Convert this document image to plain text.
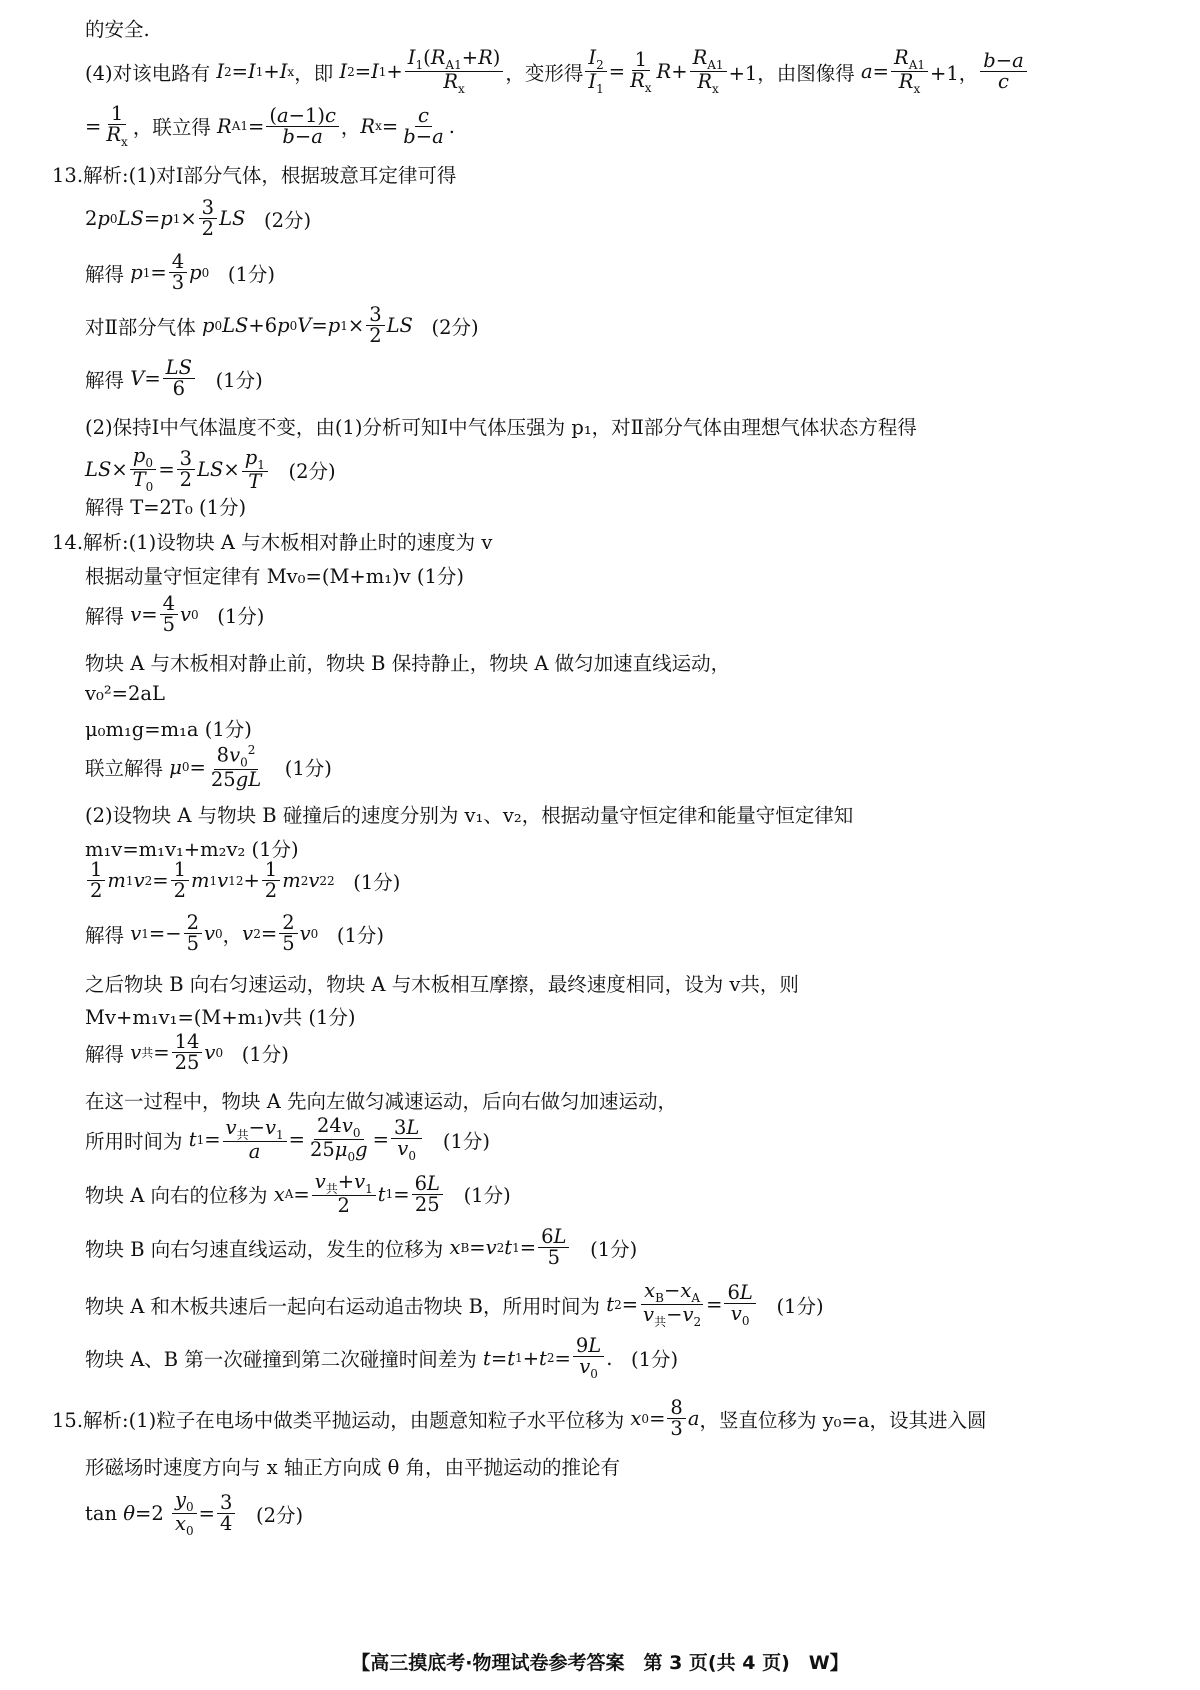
的安全.
(4)对该电路有
I 2 = I 1 + I x ，即 I 2 = I $1 + \frac{I_1(R_{A1}+R)}{R_x}$ ，变形得 $\frac{I_2}{I_1} = \frac{1}{R_x}$ $R + \frac{R_{A1}}{R_x} +1$，由图像得 $a = \frac{R_{A1}}{R_x} +1$， $\frac{b-a}{c}$
= $\frac{1}{R_x}$ ，联立得
R $A1 = \frac{(a-1)c}{b-a}$ ， R $x = \frac{c}{b-a}$ .
13.解析:(1)对Ⅰ部分气体，根据玻意耳定律可得
2 p 0 LS = p $1 \times \frac{3}{2}$ LS
(2分)
解得
p $1 = \frac{4}{3}$ p 0
(1分)
对Ⅱ部分气体
p 0 LS +6 p 0 V = p $1 \times \frac{3}{2}$ LS
(2分)
解得
$V = \frac{LS}{6}$
(1分)
(2)保持Ⅰ中气体温度不变，由(1)分析可知Ⅰ中气体压强为 p₁，对Ⅱ部分气体由理想气体状态方程得
LS × $\frac{p_0}{T_0} = \frac{3}{2}$ LS × $\frac{p_1}{T}$
(2分)
解得 T=2T₀ (1分)
14.解析:(1)设物块 A 与木板相对静止时的速度为 v
根据动量守恒定律有 Mv₀=(M+m₁)v (1分)
解得 $v = \frac{4}{5}$ v 0
(1分)
物块 A 与木板相对静止前，物块 B 保持静止，物块 A 做匀加速直线运动，
v₀²=2aL
μ₀m₁g=m₁a (1分)
联立解得
μ $0 = \frac{8v_0^2}{25gL}$
(1分)
(2)设物块 A 与物块 B 碰撞后的速度分别为 v₁、v₂，根据动量守恒定律和能量守恒定律知
m₁v=m₁v₁+m₂v₂ (1分)
$\frac{1}{2}$ m 1 v $2 = \frac{1}{2}$ m 1 v 1 $2 + \frac{1}{2}$ m 2 v 2 2
(1分)
解得 v $1 =- \frac{2}{5}$ v 0 ， v $2 = \frac{2}{5}$ v 0
(1分)
之后物块 B 向右匀速运动，物块 A 与木板相互摩擦，最终速度相同，设为 v共，则
Mv+m₁v₁=(M+m₁)v共 (1分)
解得 v 共 = $\frac{14}{25}$ v 0
(1分)
在这一过程中，物块 A 先向左做匀减速运动，后向右做匀加速运动，
所用时间为
t $1 = \frac{v_共-v_1}{a} = \frac{24v_0}{25\mu_0g} = \frac{3L}{v_0}$
(1分)
物块 A 向右的位移为
x $A = \frac{v_共+v_1}{2}$ t $1 = \frac{6L}{25}$
(1分)
物块 B 向右匀速直线运动，发生的位移为
x B = v 2 t $1 = \frac{6L}{5}$
(1分)
物块 A 和木板共速后一起向右运动追击物块 B，所用时间为
t $2 = \frac{x_B-x_A}{v_共-v_2} = \frac{6L}{v_0}$
(1分)
物块 A、B 第一次碰撞到第二次碰撞时间差为
t = t 1 + t $2 = \frac{9L}{v_0}$ . (1分)
15.解析:(1)粒子在电场中做类平抛运动，由题意知粒子水平位移为
x $0 = \frac{8}{3}$ a ，竖直位移为 y₀=a，设其进入圆
形磁场时速度方向与 x 轴正方向成 θ 角，由平抛运动的推论有
$\tan \theta =2 \frac{y_0}{x_0} = \frac{3}{4}$
(2分)
【高三摸底考·物理试卷参考答案　第 3 页(共 4 页)　W】
